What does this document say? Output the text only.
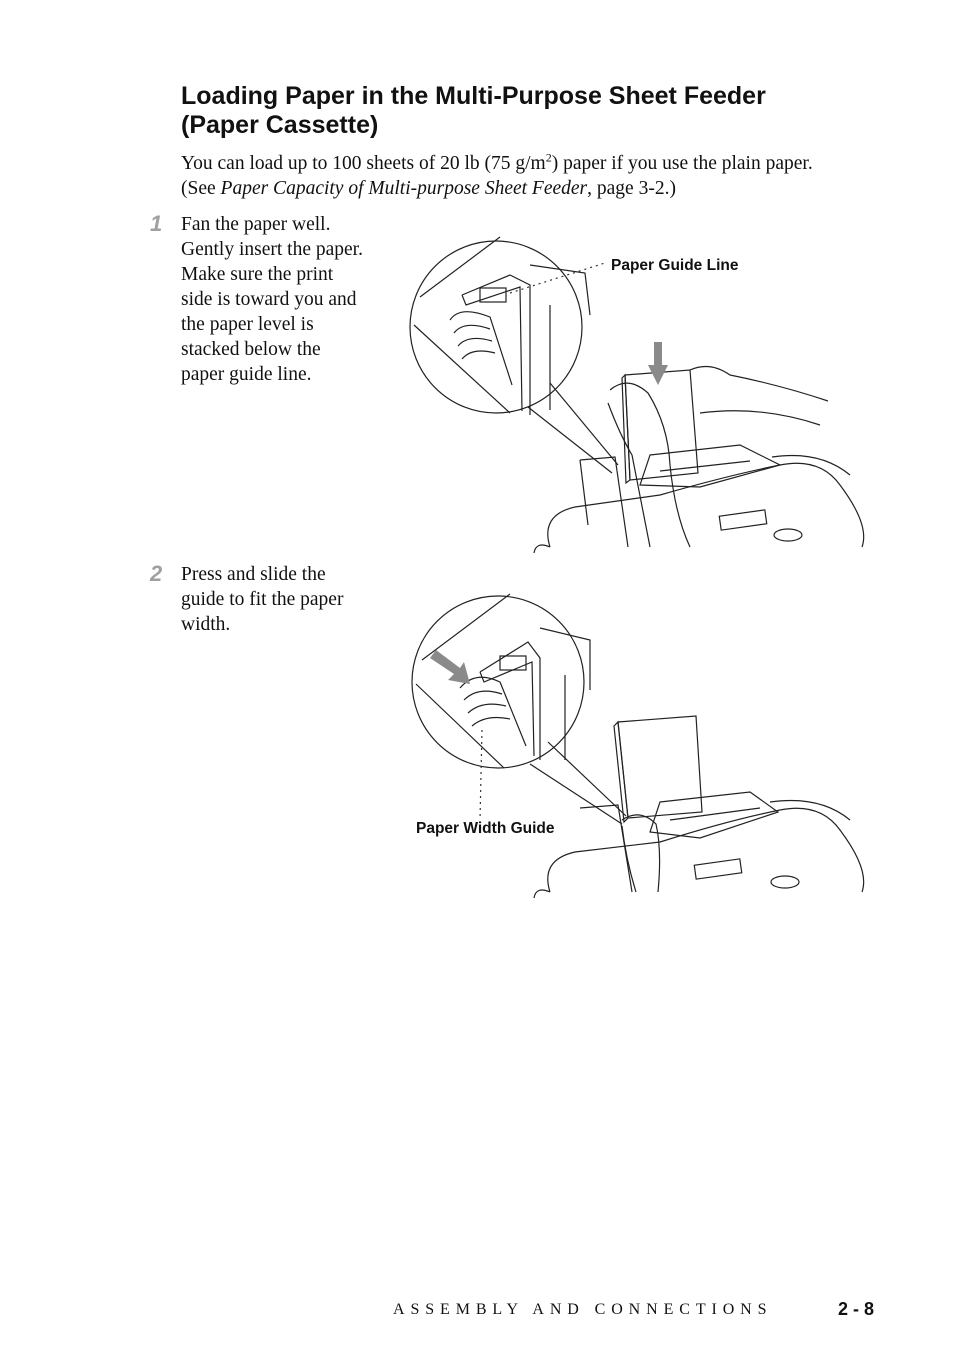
Loading Paper in the Multi-Purpose Sheet Feeder
(Paper Cassette)

You can load up to 100 sheets of 20 lb (75 $g/m^2$) paper if you use the plain paper.
(See Paper Capacity of Multi-purpose Sheet Feeder, page 3-2.)

1 Fan the paper well.
Gently insert the paper.
Make sure the print
side is toward you and
the paper level is
stacked below the
paper guide line.

Paper Guide Line
2 Press and slide the
guide to fit the paper
width.

Paper Width Guide
ASSEMBLY AND CONNECTIONS	2 - 8
